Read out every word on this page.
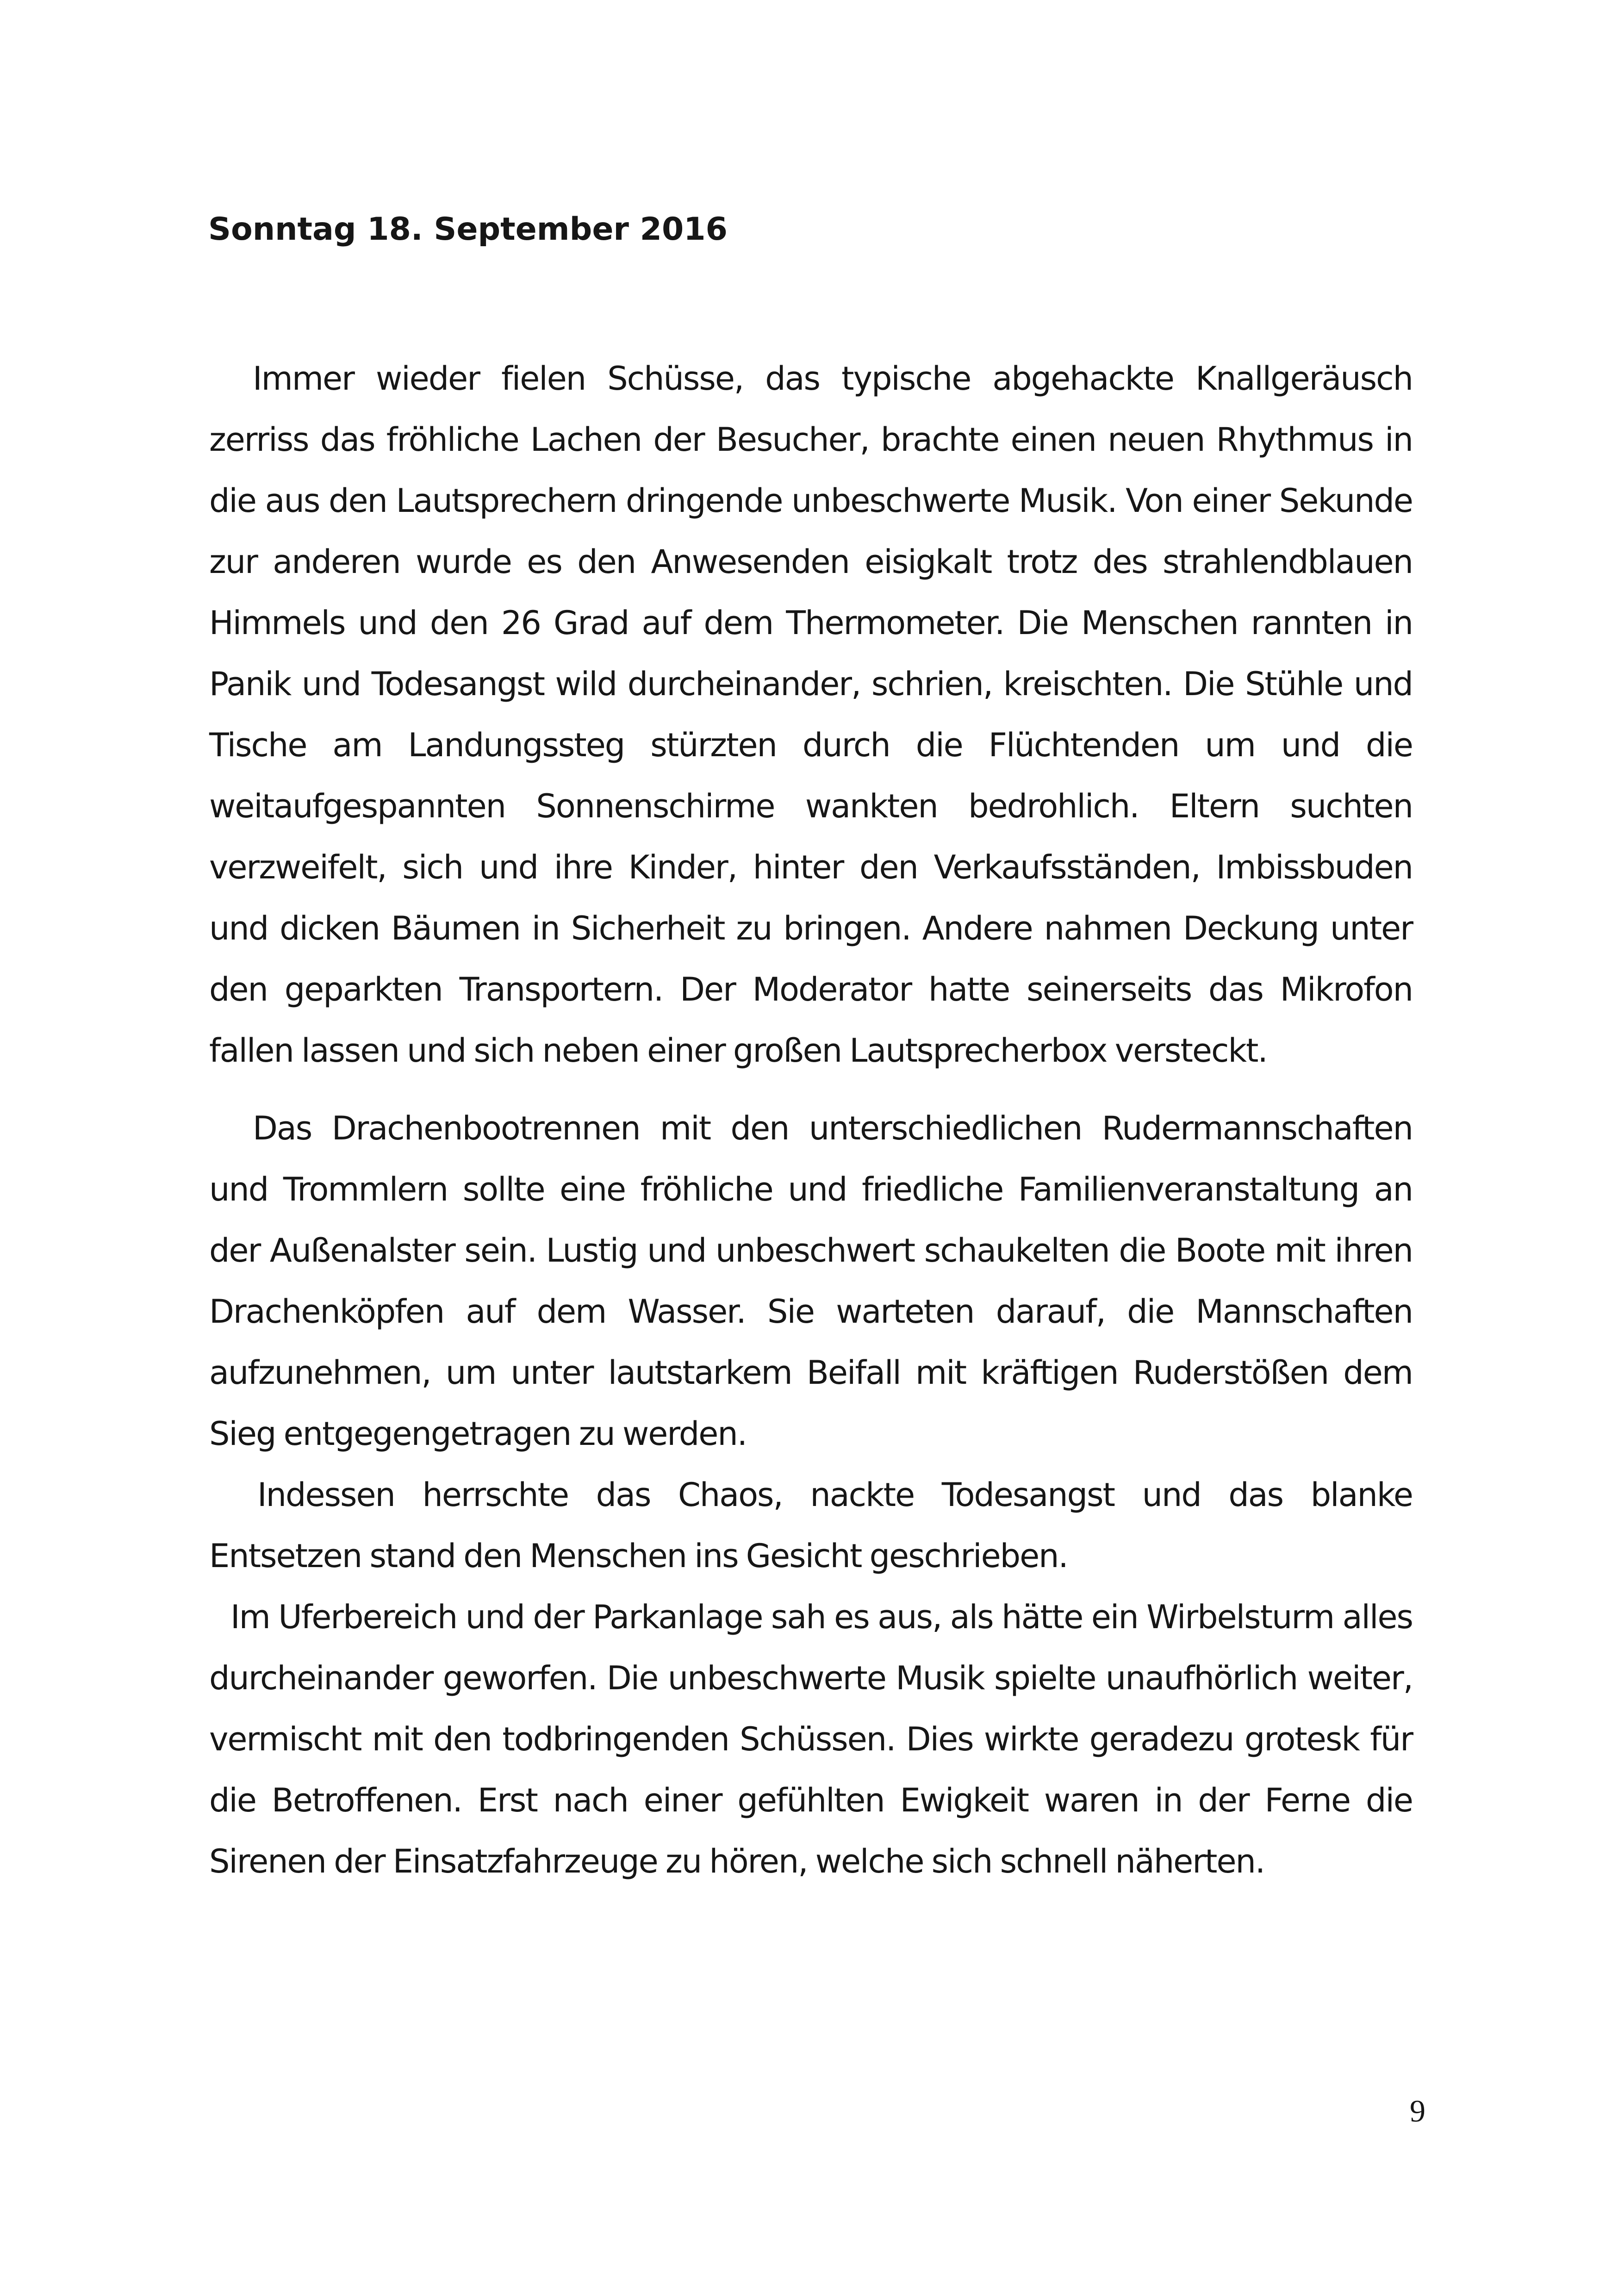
Sonntag 18. September 2016

Immer wieder fielen Schüsse, das typische abgehackte Knallgeräusch zerriss das fröhliche Lachen der Besucher, brachte einen neuen Rhythmus in die aus den Lautsprechern dringende unbeschwerte Musik. Von einer Sekunde zur anderen wurde es den Anwesenden eisigkalt trotz des strahlendblauen Himmels und den 26 Grad auf dem Thermometer. Die Menschen rannten in Panik und Todesangst wild durcheinander, schrien, kreischten. Die Stühle und Tische am Landungssteg stürzten durch die Flüchtenden um und die weitaufgespannten Sonnenschirme wankten bedrohlich. Eltern suchten verzweifelt, sich und ihre Kinder, hinter den Verkaufsständen, Imbissbuden und dicken Bäumen in Sicherheit zu bringen. Andere nahmen Deckung unter den geparkten Transportern. Der Moderator hatte seinerseits das Mikrofon fallen lassen und sich neben einer großen Lautsprecherbox versteckt.

Das Drachenbootrennen mit den unterschiedlichen Rudermannschaften und Trommlern sollte eine fröhliche und friedliche Familienveranstaltung an der Außenalster sein. Lustig und unbeschwert schaukelten die Boote mit ihren Drachenköpfen auf dem Wasser. Sie warteten darauf, die Mannschaften aufzunehmen, um unter lautstarkem Beifall mit kräftigen Ruderstößen dem Sieg entgegengetragen zu werden.

Indessen herrschte das Chaos, nackte Todesangst und das blanke Entsetzen stand den Menschen ins Gesicht geschrieben.

Im Uferbereich und der Parkanlage sah es aus, als hätte ein Wirbelsturm alles durcheinander geworfen. Die unbeschwerte Musik spielte unaufhörlich weiter, vermischt mit den todbringenden Schüssen. Dies wirkte geradezu grotesk für die Betroffenen. Erst nach einer gefühlten Ewigkeit waren in der Ferne die Sirenen der Einsatzfahrzeuge zu hören, welche sich schnell näherten.

9
